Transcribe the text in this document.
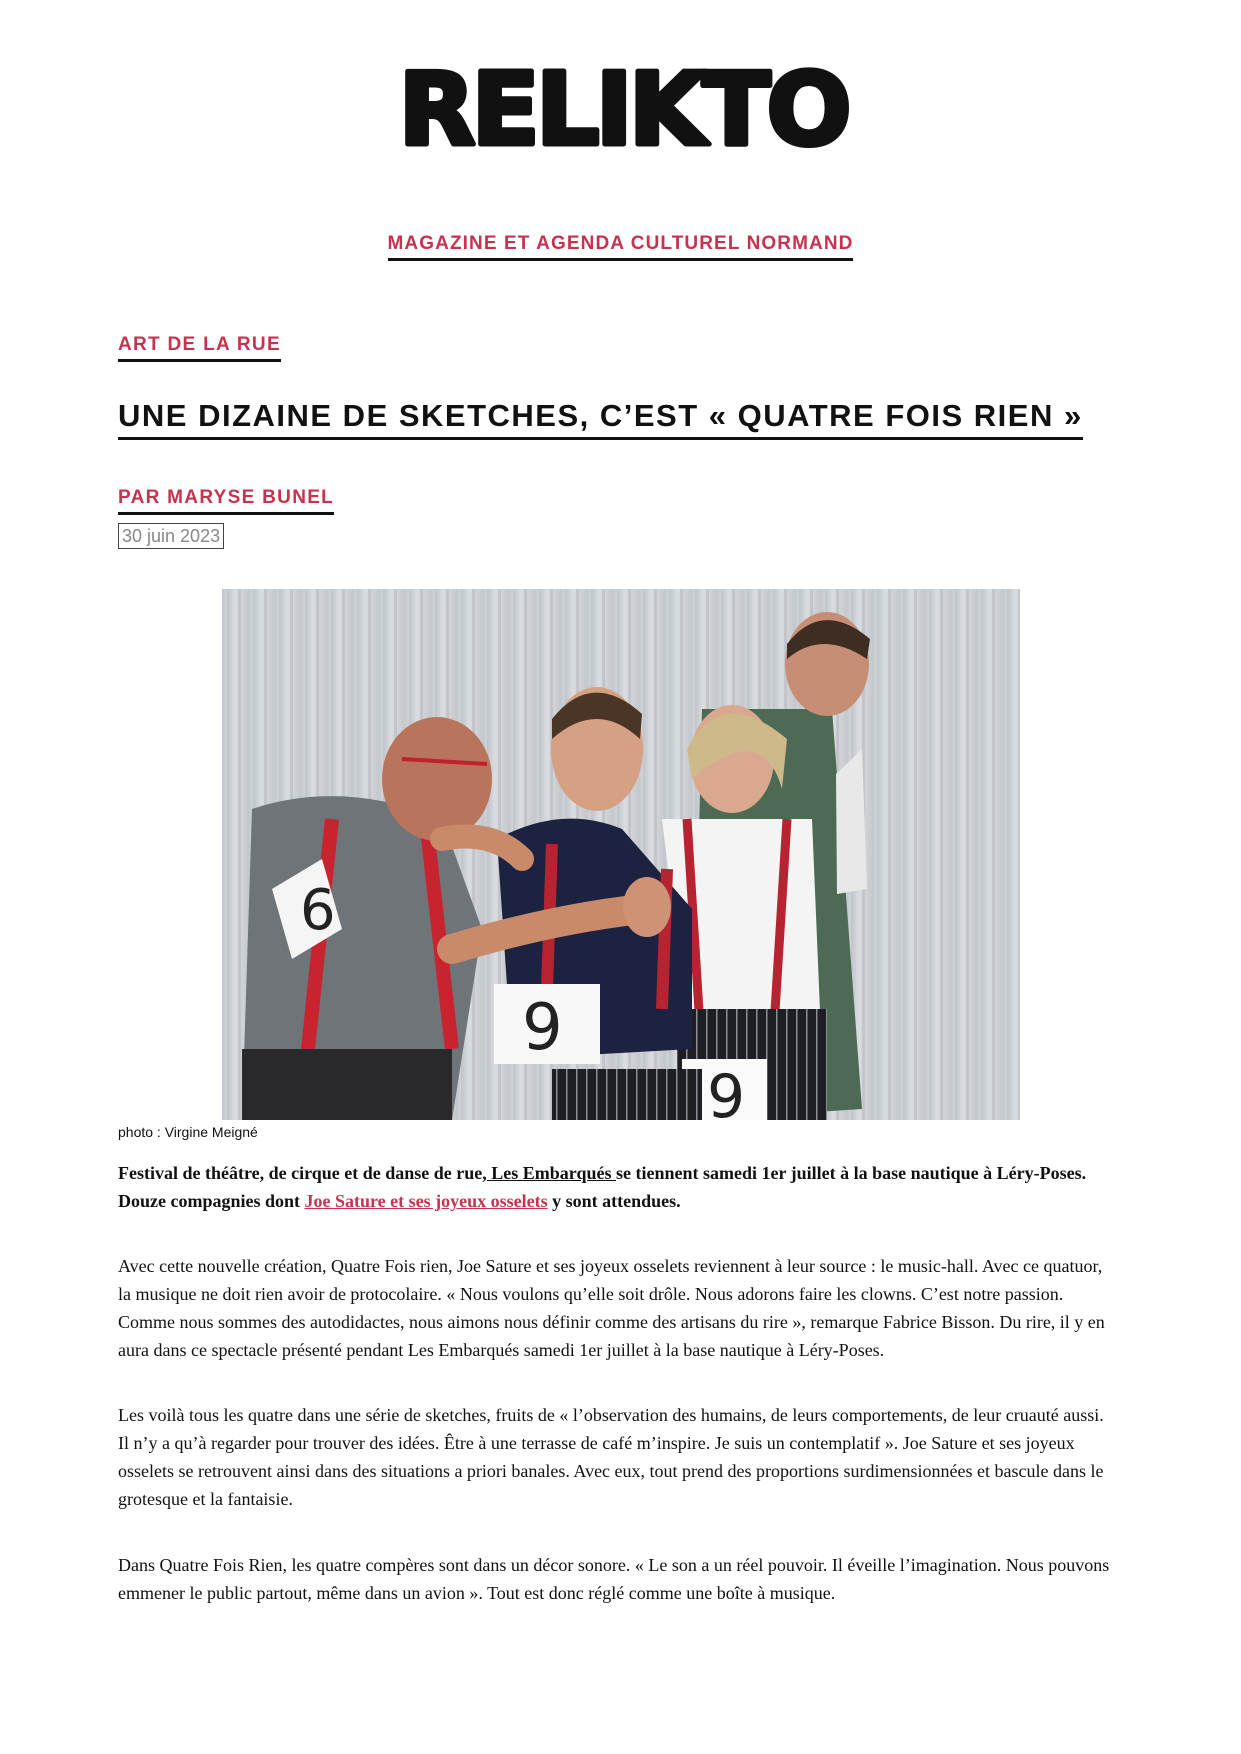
RELIKTO
MAGAZINE ET AGENDA CULTUREL NORMAND
ART DE LA RUE
UNE DIZAINE DE SKETCHES, C’EST « QUATRE FOIS RIEN »
PAR MARYSE BUNEL
30 juin 2023
6
9
9
photo : Virgine Meigné

Festival de théâtre, de cirque et de danse de rue, Les Embarqués se tiennent samedi 1er juillet à la base nautique à Léry-Poses. Douze compagnies dont Joe Sature et ses joyeux osselets y sont attendues.

Avec cette nouvelle création, Quatre Fois rien, Joe Sature et ses joyeux osselets reviennent à leur source : le music-hall. Avec ce quatuor, la musique ne doit rien avoir de protocolaire. « Nous voulons qu’elle soit drôle. Nous adorons faire les clowns. C’est notre passion. Comme nous sommes des autodidactes, nous aimons nous définir comme des artisans du rire », remarque Fabrice Bisson. Du rire, il y en aura dans ce spectacle présenté pendant Les Embarqués samedi 1er juillet à la base nautique à Léry-Poses.

Les voilà tous les quatre dans une série de sketches, fruits de « l’observation des humains, de leurs comportements, de leur cruauté aussi. Il n’y a qu’à regarder pour trouver des idées. Être à une terrasse de café m’inspire. Je suis un contemplatif ». Joe Sature et ses joyeux osselets se retrouvent ainsi dans des situations a priori banales. Avec eux, tout prend des proportions surdimensionnées et bascule dans le grotesque et la fantaisie.

Dans Quatre Fois Rien, les quatre compères sont dans un décor sonore. « Le son a un réel pouvoir. Il éveille l’imagination. Nous pouvons emmener le public partout, même dans un avion ». Tout est donc réglé comme une boîte à musique.
